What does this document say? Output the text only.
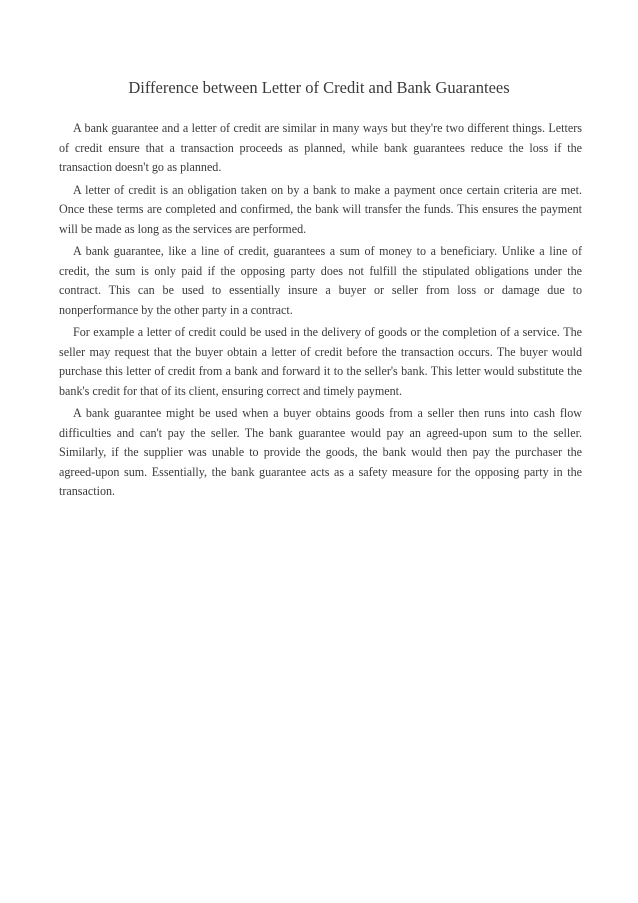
Difference between Letter of Credit and Bank Guarantees

A bank guarantee and a letter of credit are similar in many ways but they're two different things. Letters of credit ensure that a transaction proceeds as planned, while bank guarantees reduce the loss if the transaction doesn't go as planned.

A letter of credit is an obligation taken on by a bank to make a payment once certain criteria are met. Once these terms are completed and confirmed, the bank will transfer the funds. This ensures the payment will be made as long as the services are performed.

A bank guarantee, like a line of credit, guarantees a sum of money to a beneficiary. Unlike a line of credit, the sum is only paid if the opposing party does not fulfill the stipulated obligations under the contract. This can be used to essentially insure a buyer or seller from loss or damage due to nonperformance by the other party in a contract.

For example a letter of credit could be used in the delivery of goods or the completion of a service. The seller may request that the buyer obtain a letter of credit before the transaction occurs. The buyer would purchase this letter of credit from a bank and forward it to the seller's bank. This letter would substitute the bank's credit for that of its client, ensuring correct and timely payment.

A bank guarantee might be used when a buyer obtains goods from a seller then runs into cash flow difficulties and can't pay the seller. The bank guarantee would pay an agreed-upon sum to the seller. Similarly, if the supplier was unable to provide the goods, the bank would then pay the purchaser the agreed-upon sum. Essentially, the bank guarantee acts as a safety measure for the opposing party in the transaction.
